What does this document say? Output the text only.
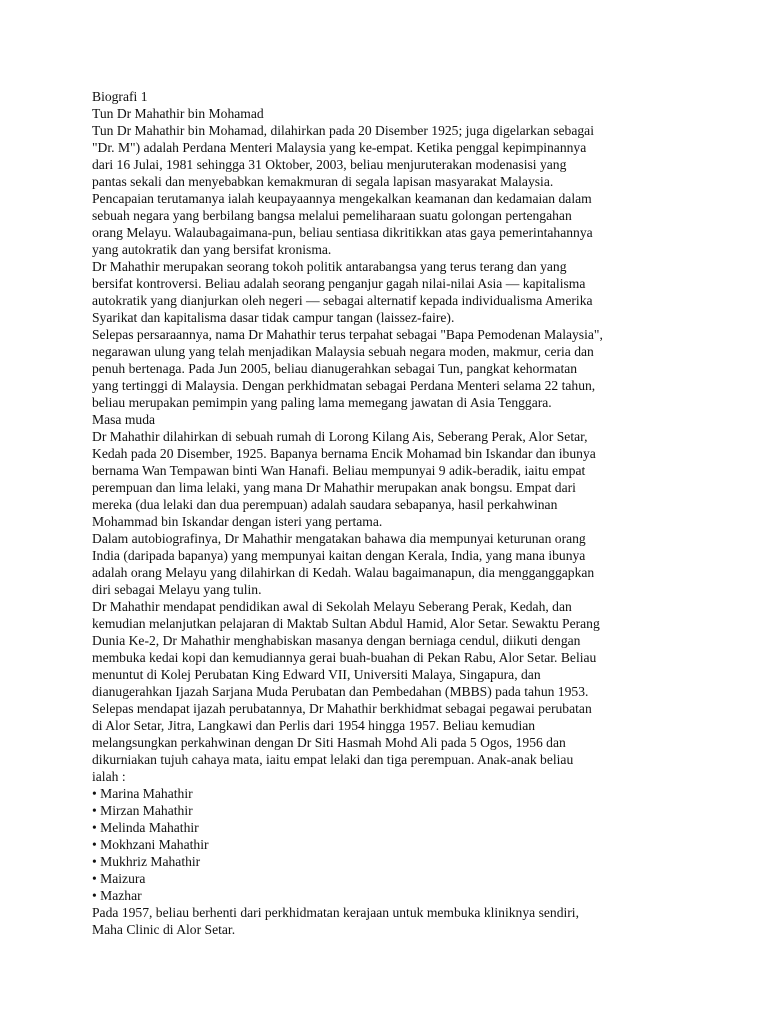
Biografi 1

Tun Dr Mahathir bin Mohamad

Tun Dr Mahathir bin Mohamad, dilahirkan pada 20 Disember 1925; juga digelarkan sebagai
"Dr. M") adalah Perdana Menteri Malaysia yang ke-empat. Ketika penggal kepimpinannya
dari 16 Julai, 1981 sehingga 31 Oktober, 2003, beliau menjuruterakan modenasisi yang
pantas sekali dan menyebabkan kemakmuran di segala lapisan masyarakat Malaysia.

Pencapaian terutamanya ialah keupayaannya mengekalkan keamanan dan kedamaian dalam
sebuah negara yang berbilang bangsa melalui pemeliharaan suatu golongan pertengahan
orang Melayu. Walaubagaimana-pun, beliau sentiasa dikritikkan atas gaya pemerintahannya
yang autokratik dan yang bersifat kronisma.

Dr Mahathir merupakan seorang tokoh politik antarabangsa yang terus terang dan yang
bersifat kontroversi. Beliau adalah seorang penganjur gagah nilai-nilai Asia — kapitalisma
autokratik yang dianjurkan oleh negeri — sebagai alternatif kepada individualisma Amerika
Syarikat dan kapitalisma dasar tidak campur tangan (laissez-faire).

Selepas persaraannya, nama Dr Mahathir terus terpahat sebagai "Bapa Pemodenan Malaysia",
negarawan ulung yang telah menjadikan Malaysia sebuah negara moden, makmur, ceria dan
penuh bertenaga. Pada Jun 2005, beliau dianugerahkan sebagai Tun, pangkat kehormatan
yang tertinggi di Malaysia. Dengan perkhidmatan sebagai Perdana Menteri selama 22 tahun,
beliau merupakan pemimpin yang paling lama memegang jawatan di Asia Tenggara.

Masa muda

Dr Mahathir dilahirkan di sebuah rumah di Lorong Kilang Ais, Seberang Perak, Alor Setar,
Kedah pada 20 Disember, 1925. Bapanya bernama Encik Mohamad bin Iskandar dan ibunya
bernama Wan Tempawan binti Wan Hanafi. Beliau mempunyai 9 adik-beradik, iaitu empat
perempuan dan lima lelaki, yang mana Dr Mahathir merupakan anak bongsu. Empat dari
mereka (dua lelaki dan dua perempuan) adalah saudara sebapanya, hasil perkahwinan
Mohammad bin Iskandar dengan isteri yang pertama.

Dalam autobiografinya, Dr Mahathir mengatakan bahawa dia mempunyai keturunan orang
India (daripada bapanya) yang mempunyai kaitan dengan Kerala, India, yang mana ibunya
adalah orang Melayu yang dilahirkan di Kedah. Walau bagaimanapun, dia mengganggapkan
diri sebagai Melayu yang tulin.

Dr Mahathir mendapat pendidikan awal di Sekolah Melayu Seberang Perak, Kedah, dan
kemudian melanjutkan pelajaran di Maktab Sultan Abdul Hamid, Alor Setar. Sewaktu Perang
Dunia Ke-2, Dr Mahathir menghabiskan masanya dengan berniaga cendul, diikuti dengan
membuka kedai kopi dan kemudiannya gerai buah-buahan di Pekan Rabu, Alor Setar. Beliau
menuntut di Kolej Perubatan King Edward VII, Universiti Malaya, Singapura, dan
dianugerahkan Ijazah Sarjana Muda Perubatan dan Pembedahan (MBBS) pada tahun 1953.

Selepas mendapat ijazah perubatannya, Dr Mahathir berkhidmat sebagai pegawai perubatan
di Alor Setar, Jitra, Langkawi dan Perlis dari 1954 hingga 1957. Beliau kemudian
melangsungkan perkahwinan dengan Dr Siti Hasmah Mohd Ali pada 5 Ogos, 1956 dan
dikurniakan tujuh cahaya mata, iaitu empat lelaki dan tiga perempuan. Anak-anak beliau
ialah :

• Marina Mahathir
• Mirzan Mahathir
• Melinda Mahathir
• Mokhzani Mahathir
• Mukhriz Mahathir
• Maizura
• Mazhar
Pada 1957, beliau berhenti dari perkhidmatan kerajaan untuk membuka kliniknya sendiri,
Maha Clinic di Alor Setar.
